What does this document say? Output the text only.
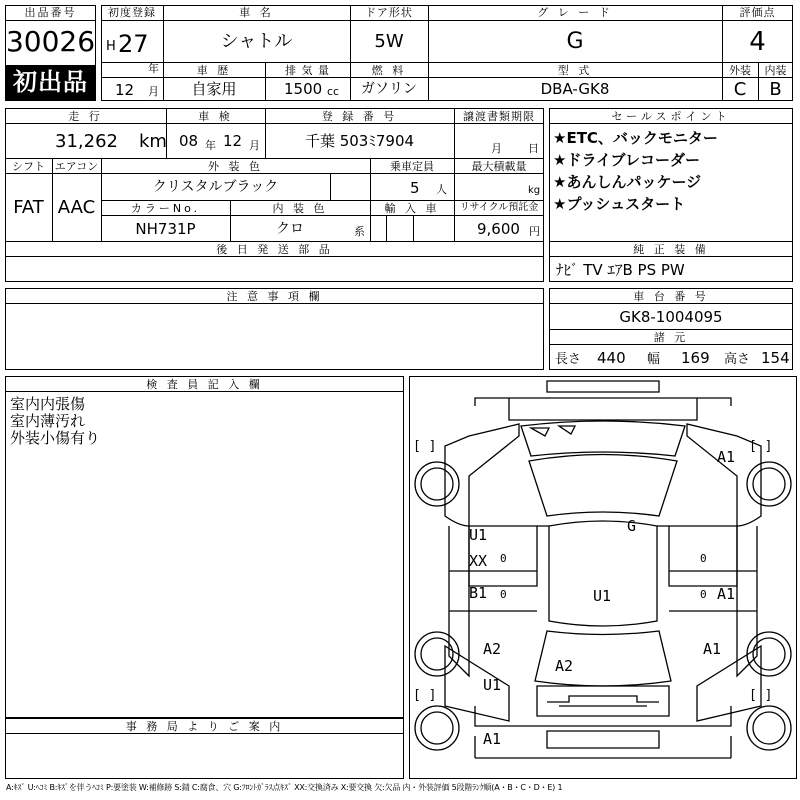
出品番号
30026
初出品
初度登録
H 27
年
12 月
車 名
シャトル
ドア形状
5W
グ レ ー ド
G
評価点
4
車 歴
自家用
排 気 量
1500 cc
燃 料
ガソリン
型 式
DBA-GK8
外装	内装
C	B
走 行
31,262 km
車 検
08 年 12 月
登 録 番 号
千葉 503ﾐ7904
譲渡書類期限
月 日
シフト エアコン
FAT AAC
外 装 色
クリスタルブラック
乗車定員
5 人
最大積載量
kg
カラーNo.
NH731P
内 装 色
クロ	系
輸 入 車	リサイクル預託金
9,600 円
後 日 発 送 部 品
セールスポイント
★ETC、バックモニター
★ドライブレコーダー
★あんしんパッケージ
★プッシュスタート
純 正 装 備
ﾅﾋﾞ TV ｴｱB PS PW
注 意 事 項 欄	車 台 番 号
GK8-1004095
諸 元
長さ 440 幅 169 高さ 154
検 査 員 記 入 欄
室内内張傷
室内薄汚れ
外装小傷有り
事 務 局 よ り ご 案 内
[ ]	[ ]
[ ]	[ ]
A1
G
U1
XX
B1	U1	A1
A1
A2
A2
U1
A1
0
0
0
0
A:ｷｽﾞ U:ﾍｺﾐ B:ｷｽﾞを伴うﾍｺﾐ P:要塗装 W:補修跡 S:錆 C:腐食、穴 G:ﾌﾛﾝﾄｶﾞﾗｽ点ｷｽﾞ XX:交換済み X:要交換 欠:欠品 内・外装評価 5段階ﾗﾝｸ順(A・B・C・D・E) 1
